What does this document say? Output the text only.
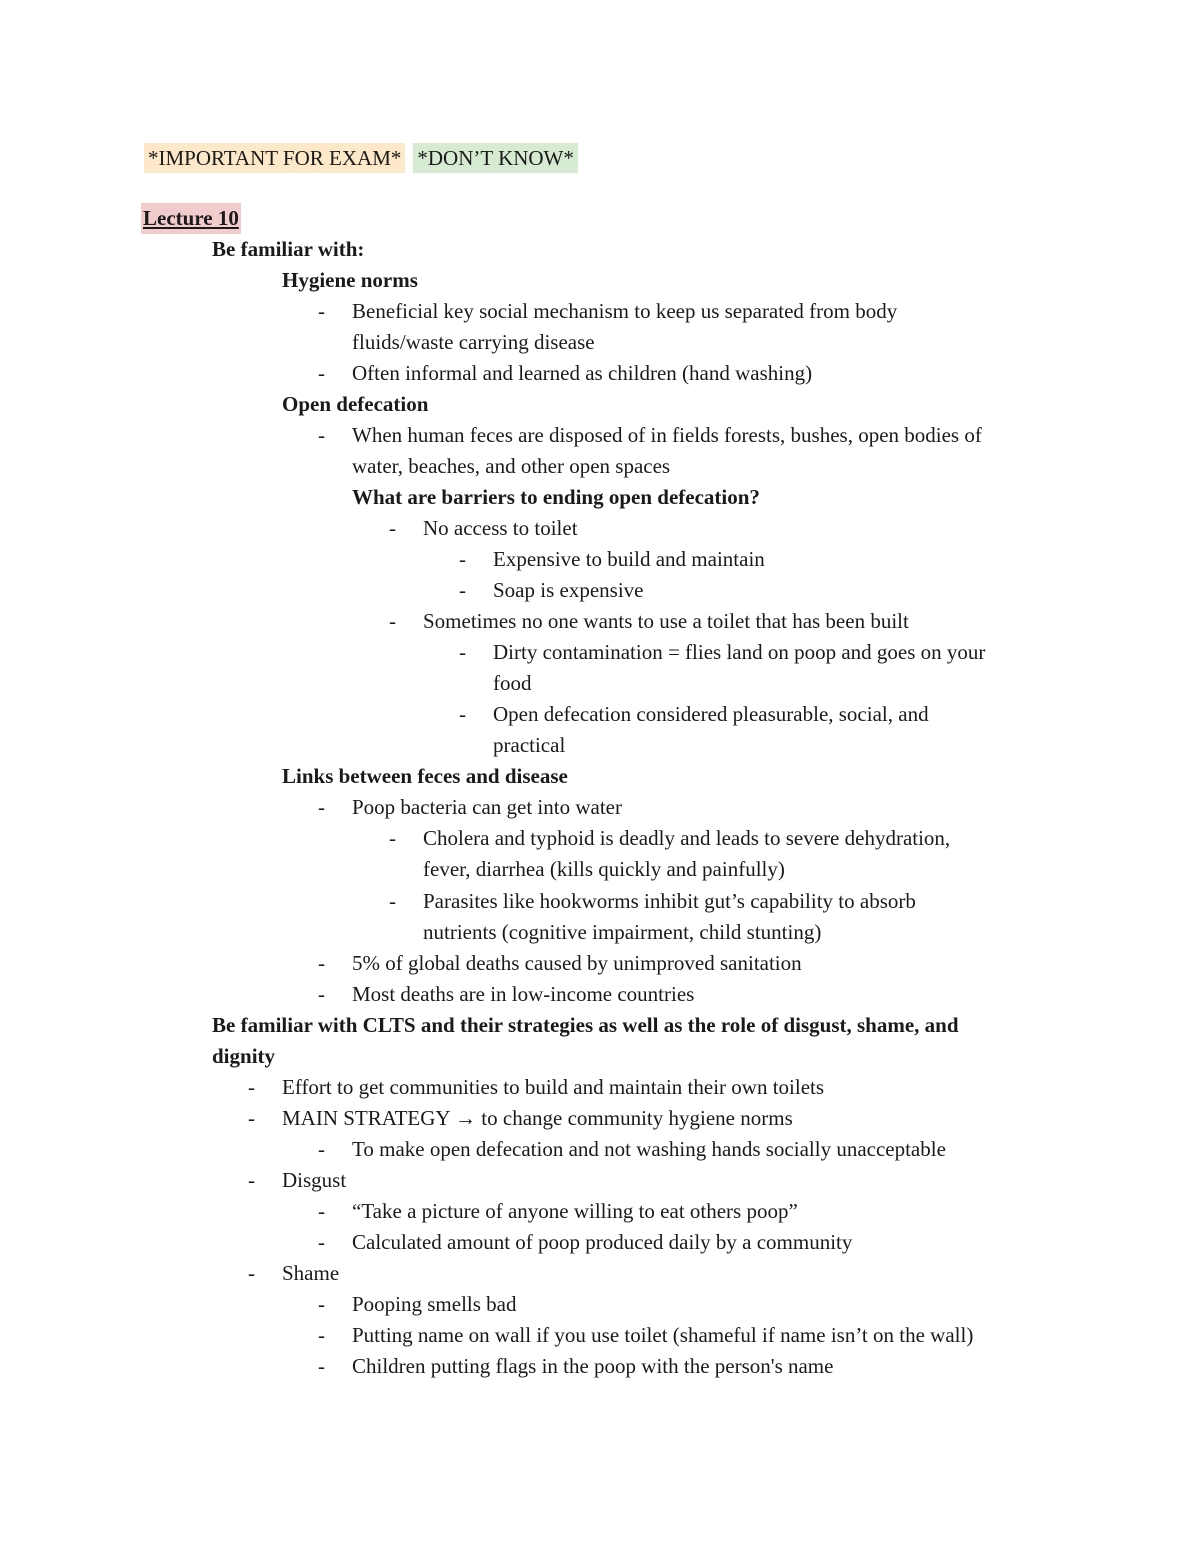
*IMPORTANT FOR EXAM* *DON’T KNOW*
Lecture 10
Be familiar with:
Hygiene norms
- Beneficial key social mechanism to keep us separated from body
fluids/waste carrying disease
- Often informal and learned as children (hand washing)
Open defecation
- When human feces are disposed of in fields forests, bushes, open bodies of
water, beaches, and other open spaces
What are barriers to ending open defecation?
- No access to toilet
- Expensive to build and maintain
- Soap is expensive
- Sometimes no one wants to use a toilet that has been built
- Dirty contamination = flies land on poop and goes on your
food
- Open defecation considered pleasurable, social, and
practical
Links between feces and disease
- Poop bacteria can get into water
- Cholera and typhoid is deadly and leads to severe dehydration,
fever, diarrhea (kills quickly and painfully)
- Parasites like hookworms inhibit gut’s capability to absorb
nutrients (cognitive impairment, child stunting)
- 5% of global deaths caused by unimproved sanitation
- Most deaths are in low-income countries
Be familiar with CLTS and their strategies as well as the role of disgust, shame, and
dignity
- Effort to get communities to build and maintain their own toilets
- MAIN STRATEGY → to change community hygiene norms
- To make open defecation and not washing hands socially unacceptable
- Disgust
- “Take a picture of anyone willing to eat others poop”
- Calculated amount of poop produced daily by a community
- Shame
- Pooping smells bad
- Putting name on wall if you use toilet (shameful if name isn’t on the wall)
- Children putting flags in the poop with the person's name
